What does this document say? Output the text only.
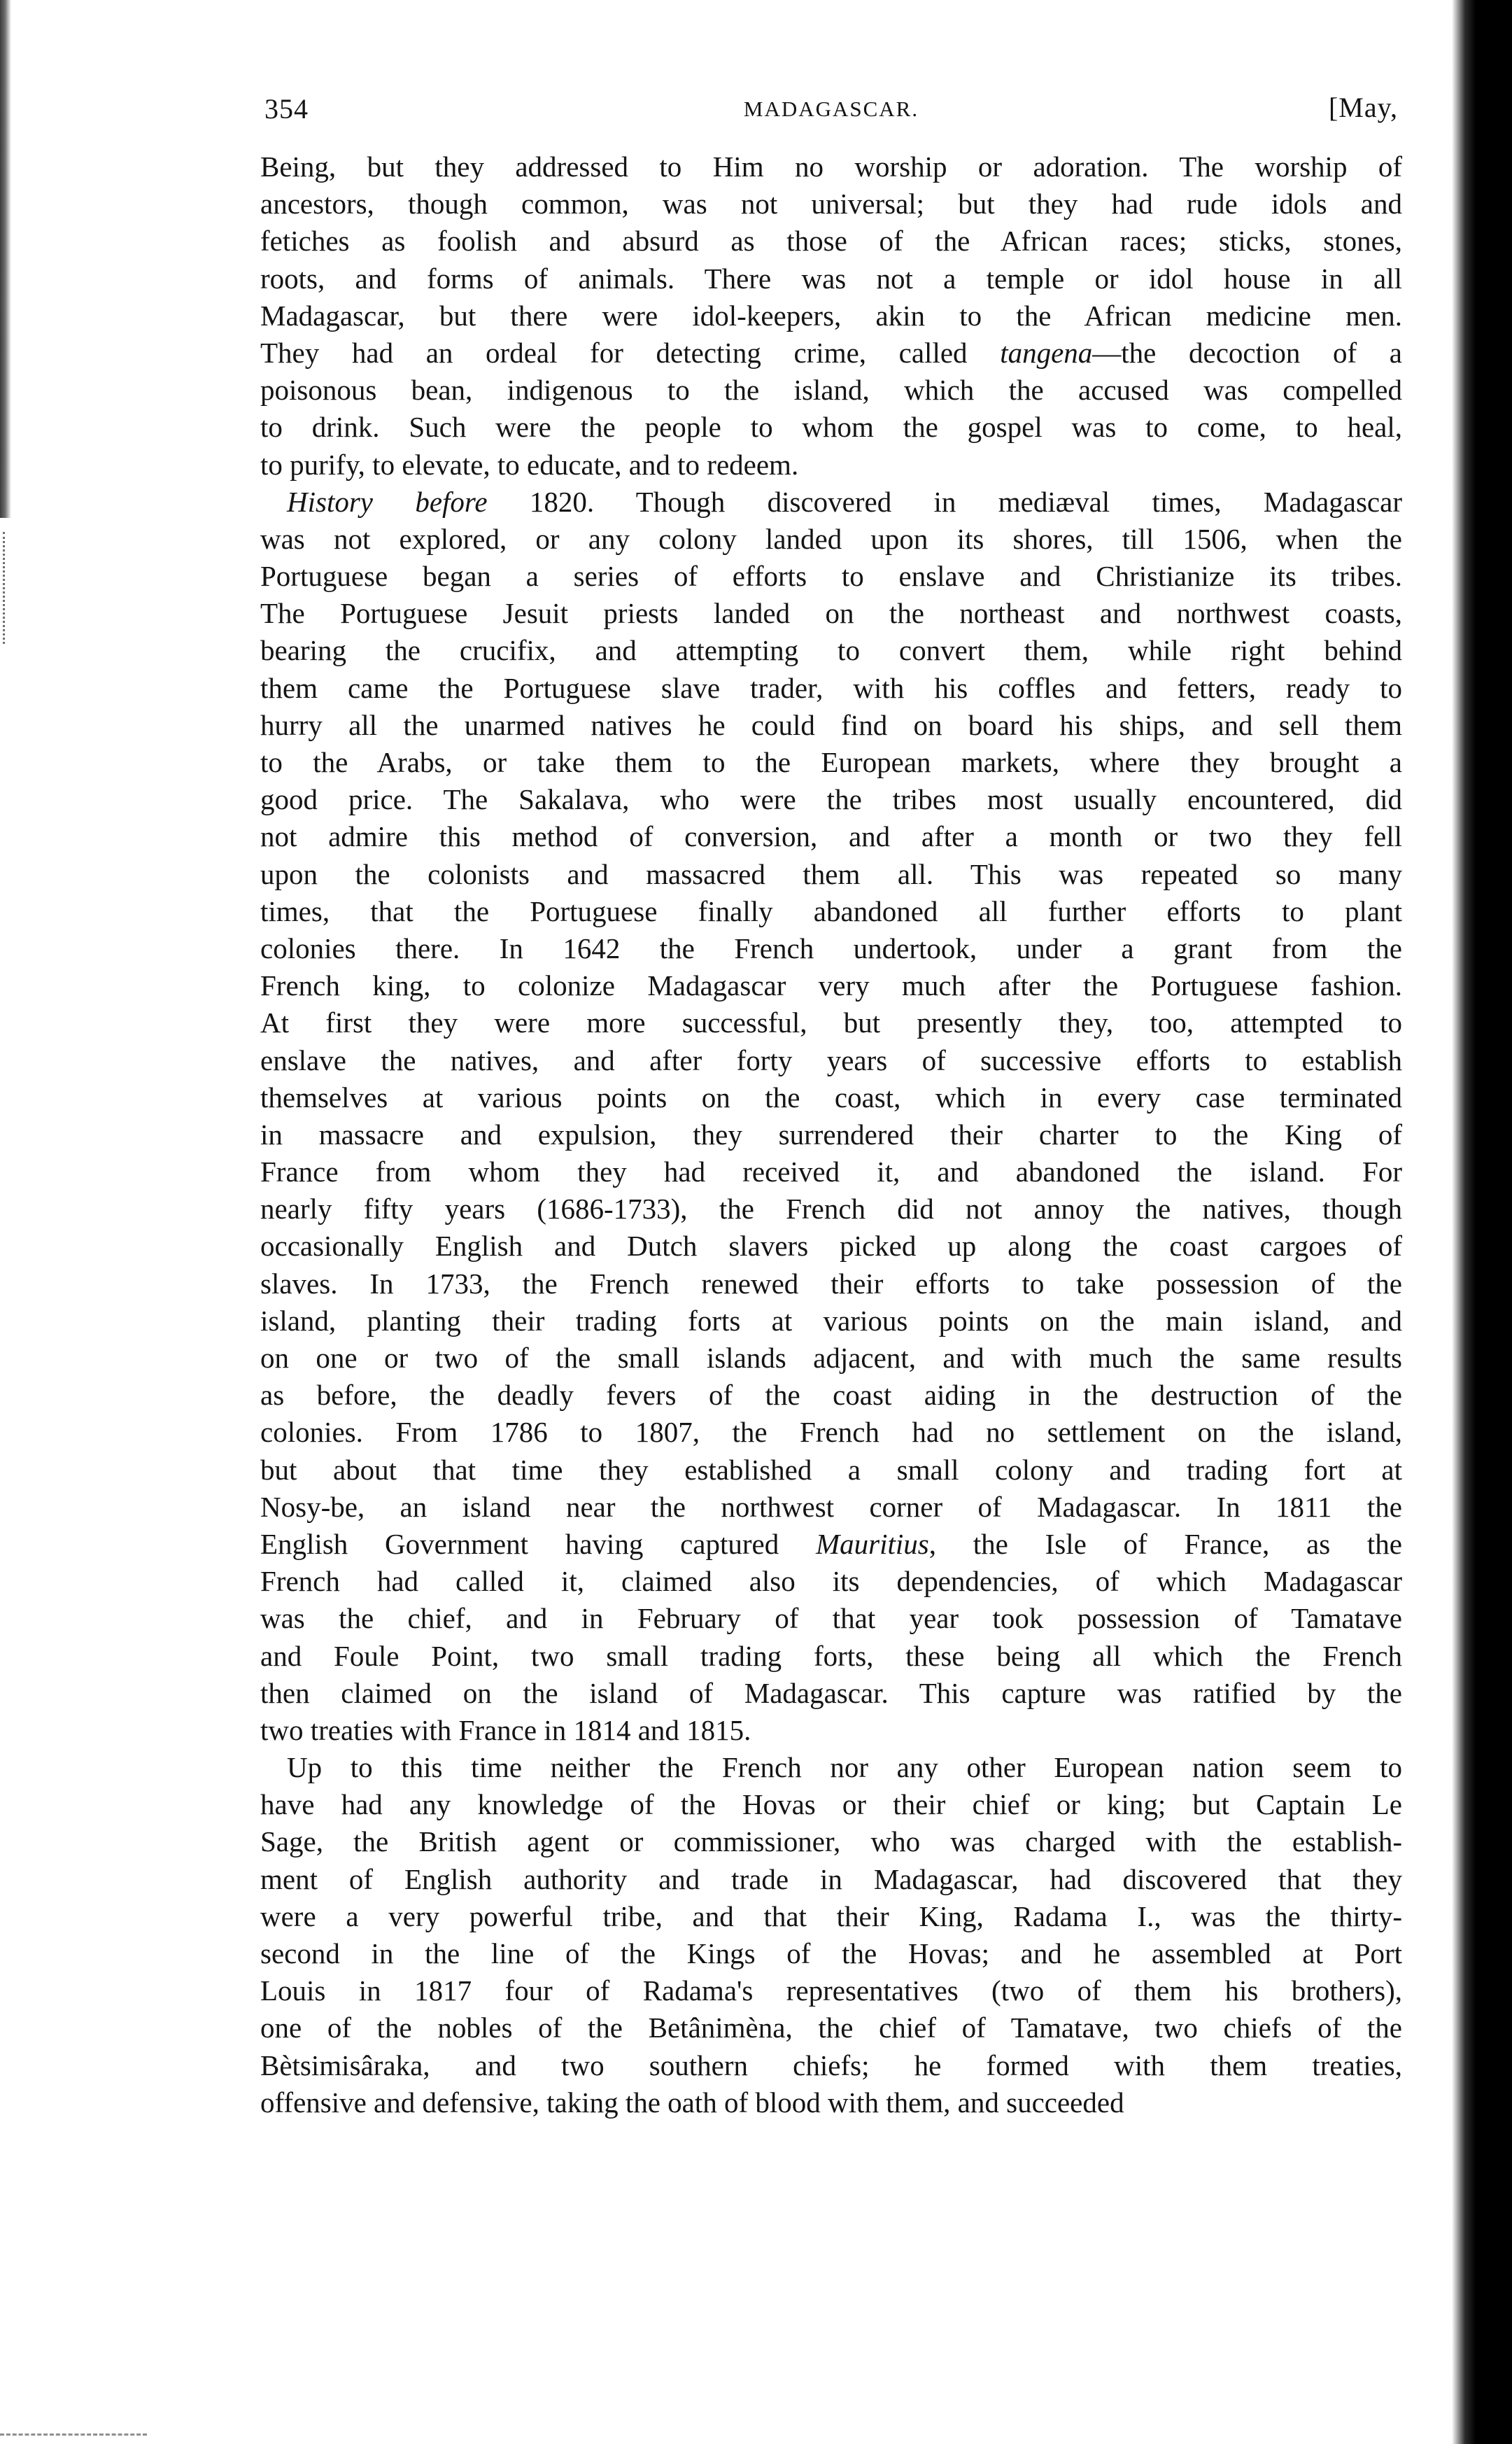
354	MADAGASCAR.	[May,
Being, but they addressed to Him no worship or adoration. The worship of
ancestors, though common, was not universal; but they had rude idols and
fetiches as foolish and absurd as those of the African races; sticks, stones,
roots, and forms of animals. There was not a temple or idol house in all
Madagascar, but there were idol-keepers, akin to the African medicine men.
They had an ordeal for detecting crime, called tangena—the decoction of a
poisonous bean, indigenous to the island, which the accused was compelled
to drink. Such were the people to whom the gospel was to come, to heal,
to purify, to elevate, to educate, and to redeem.
History before 1820. Though discovered in mediæval times, Madagascar
was not explored, or any colony landed upon its shores, till 1506, when the
Portuguese began a series of efforts to enslave and Christianize its tribes.
The Portuguese Jesuit priests landed on the northeast and northwest coasts,
bearing the crucifix, and attempting to convert them, while right behind
them came the Portuguese slave trader, with his coffles and fetters, ready to
hurry all the unarmed natives he could find on board his ships, and sell them
to the Arabs, or take them to the European markets, where they brought a
good price. The Sakalava, who were the tribes most usually encountered, did
not admire this method of conversion, and after a month or two they fell
upon the colonists and massacred them all. This was repeated so many
times, that the Portuguese finally abandoned all further efforts to plant
colonies there. In 1642 the French undertook, under a grant from the
French king, to colonize Madagascar very much after the Portuguese fashion.
At first they were more successful, but presently they, too, attempted to
enslave the natives, and after forty years of successive efforts to establish
themselves at various points on the coast, which in every case terminated
in massacre and expulsion, they surrendered their charter to the King of
France from whom they had received it, and abandoned the island. For
nearly fifty years (1686-1733), the French did not annoy the natives, though
occasionally English and Dutch slavers picked up along the coast cargoes of
slaves. In 1733, the French renewed their efforts to take possession of the
island, planting their trading forts at various points on the main island, and
on one or two of the small islands adjacent, and with much the same results
as before, the deadly fevers of the coast aiding in the destruction of the
colonies. From 1786 to 1807, the French had no settlement on the island,
but about that time they established a small colony and trading fort at
Nosy-be, an island near the northwest corner of Madagascar. In 1811 the
English Government having captured Mauritius, the Isle of France, as the
French had called it, claimed also its dependencies, of which Madagascar
was the chief, and in February of that year took possession of Tamatave
and Foule Point, two small trading forts, these being all which the French
then claimed on the island of Madagascar. This capture was ratified by the
two treaties with France in 1814 and 1815.
Up to this time neither the French nor any other European nation seem to
have had any knowledge of the Hovas or their chief or king; but Captain Le
Sage, the British agent or commissioner, who was charged with the establish-
ment of English authority and trade in Madagascar, had discovered that they
were a very powerful tribe, and that their King, Radama I., was the thirty-
second in the line of the Kings of the Hovas; and he assembled at Port
Louis in 1817 four of Radama's representatives (two of them his brothers),
one of the nobles of the Betânimèna, the chief of Tamatave, two chiefs of the
Bètsimisâraka, and two southern chiefs; he formed with them treaties,
offensive and defensive, taking the oath of blood with them, and succeeded
